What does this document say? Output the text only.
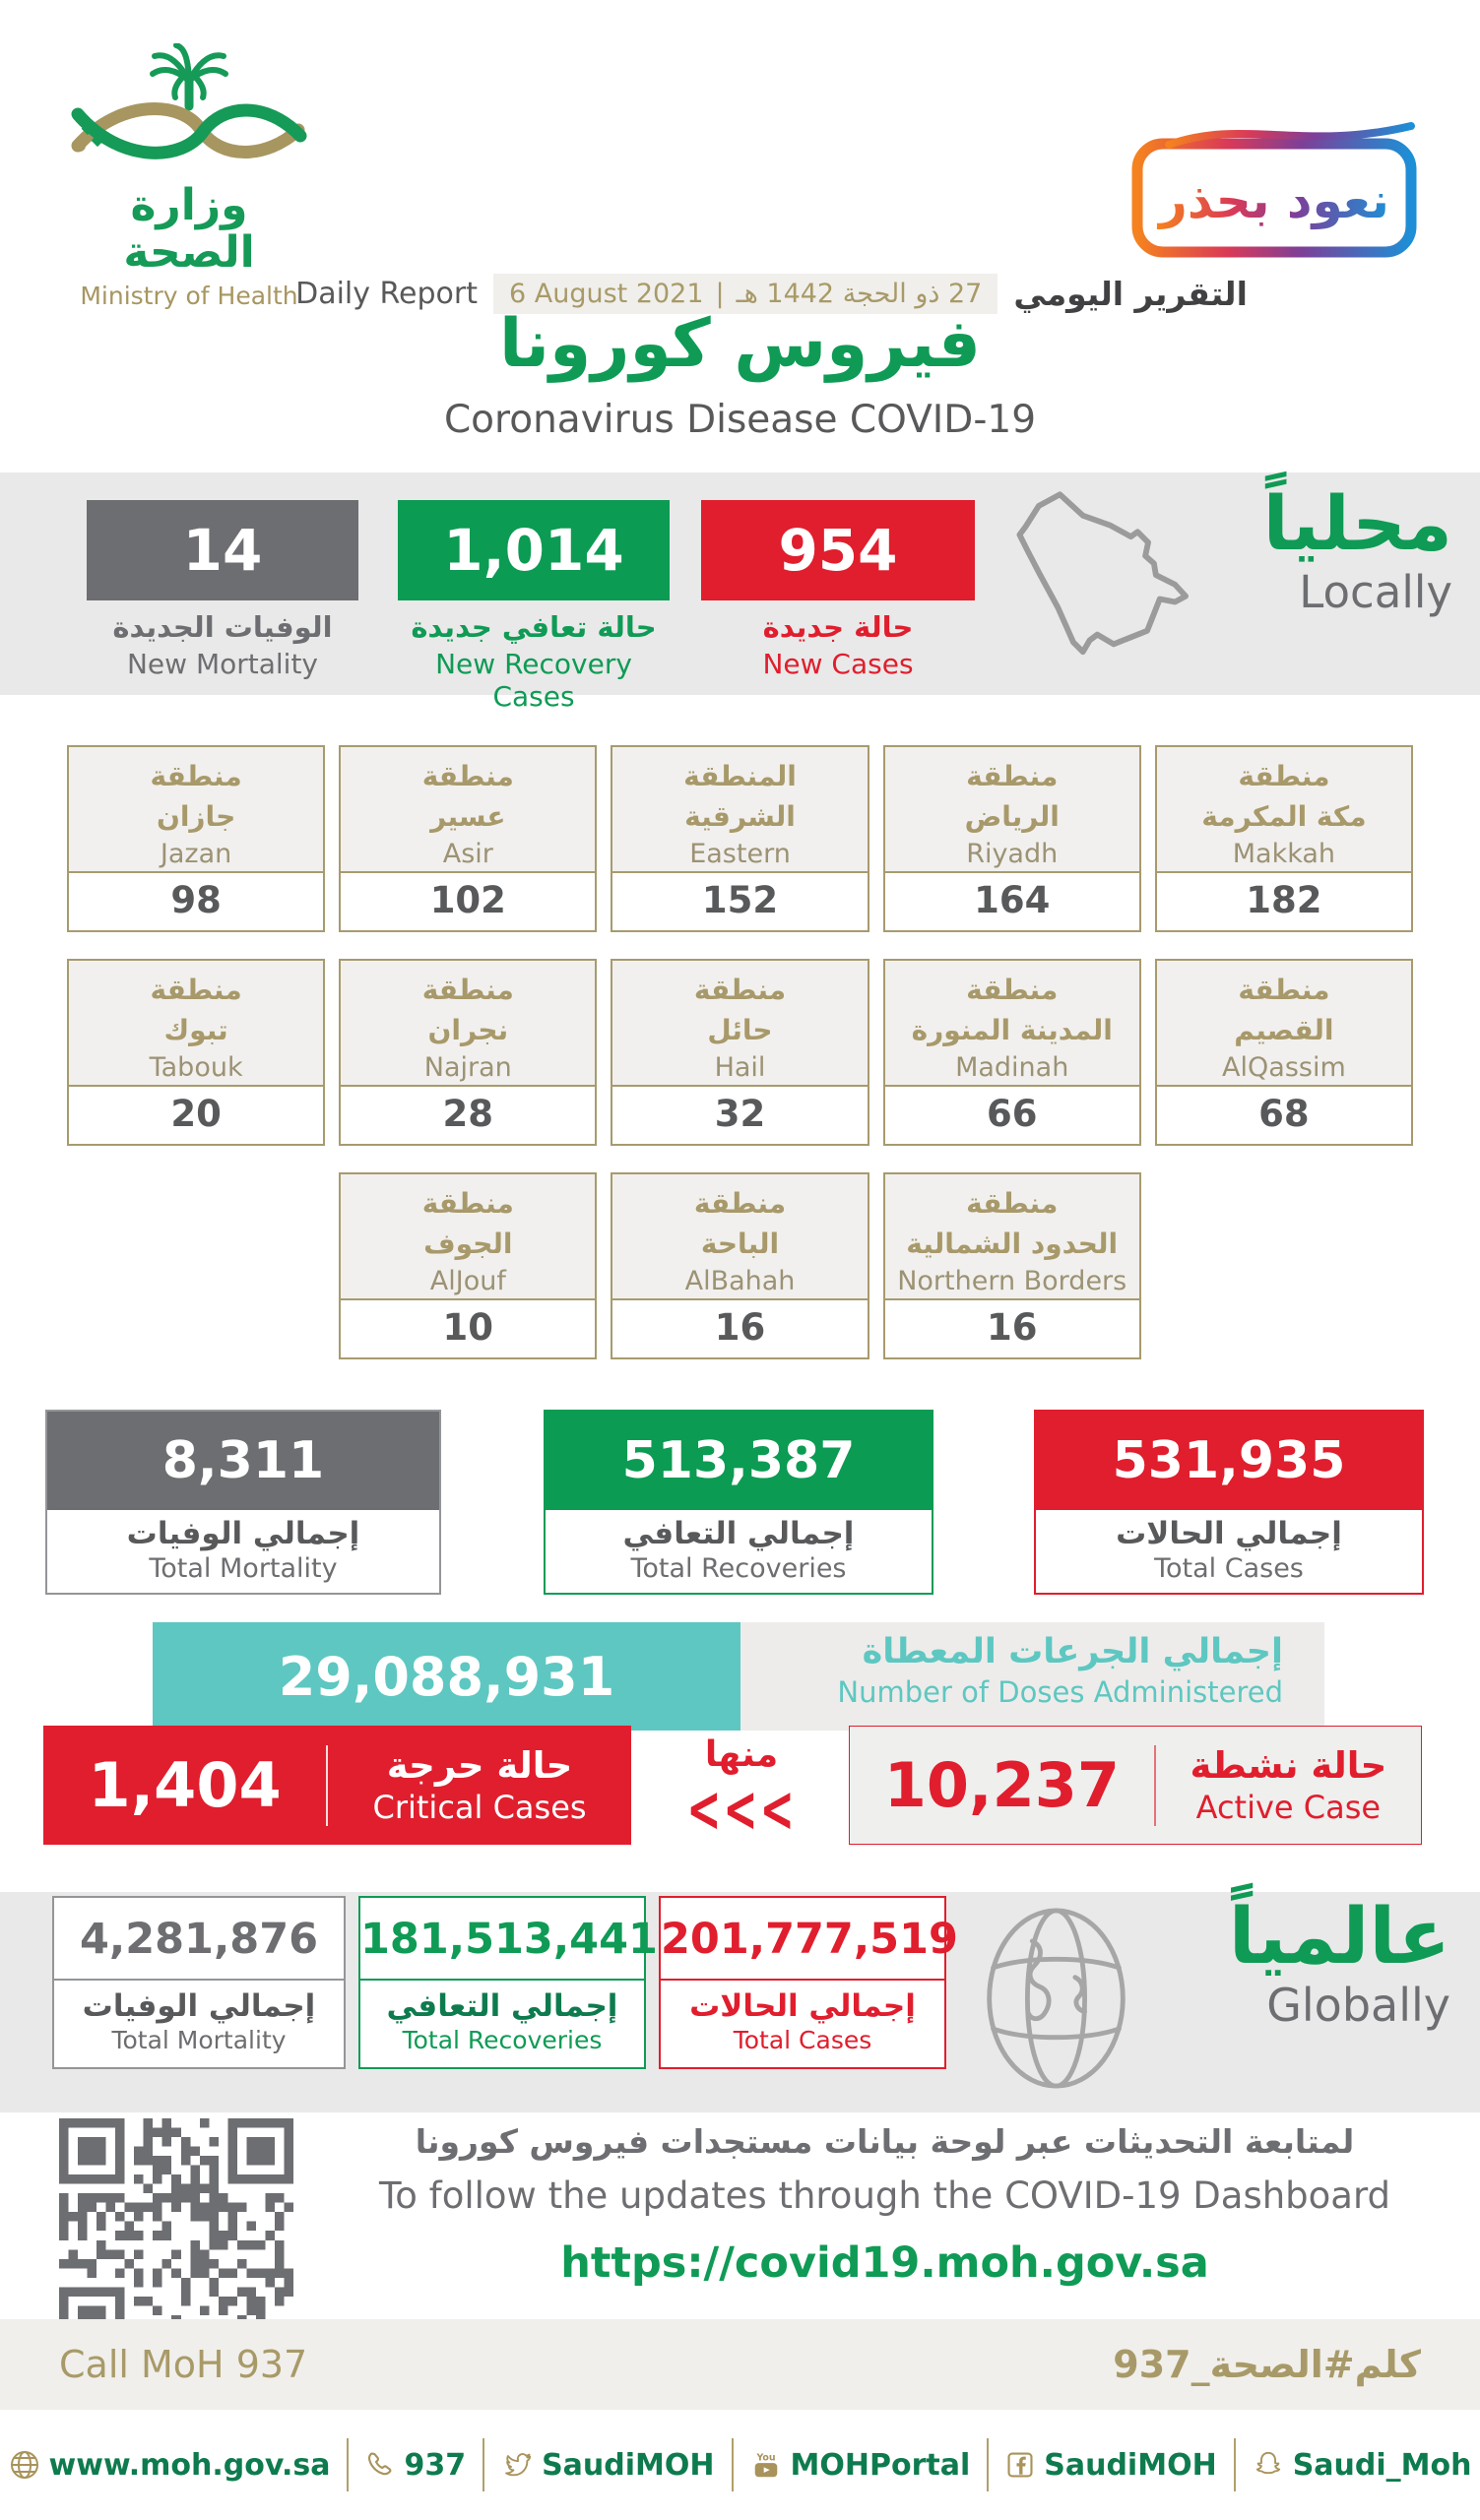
وزارة الصحة
Ministry of Health
نعود بحذر
Daily Report 6 August 2021 | 27 ذو الحجة 1442 هـ التقرير اليومي
فيروس كورونا
Coronavirus Disease COVID-19
14
الوفيات الجديدة
New Mortality
1,014
حالة تعافي جديدة
New Recovery Cases
954
حالة جديدة
New Cases
محلياً
Locally
منطقة
مكة المكرمة
Makkah
182
منطقة
الرياض
Riyadh
164
المنطقة
الشرقية
Eastern
152
منطقة
عسير
Asir
102
منطقة
جازان
Jazan
98
منطقة
القصيم
AlQassim
68
منطقة
المدينة المنورة
Madinah
66
منطقة
حائل
Hail
32
منطقة
نجران
Najran
28
منطقة
تبوك
Tabouk
20
منطقة
الحدود الشمالية
Northern Borders
16
منطقة
الباحة
AlBahah
16
منطقة
الجوف
AlJouf
10
8,311
إجمالي الوفيات
Total Mortality
513,387
إجمالي التعافي
Total Recoveries
531,935
إجمالي الحالات
Total Cases
29,088,931	إجمالي الجرعات المعطاة
Number of Doses Administered
حالة حرجة
Critical Cases
1,404	منها
<<<
حالة نشطة
Active Case
10,237
4,281,876
إجمالي الوفيات
Total Mortality
181,513,441
إجمالي التعافي
Total Recoveries
201,777,519
إجمالي الحالات
Total Cases
عالمياً
Globally
لمتابعة التحديثات عبر لوحة بيانات مستجدات فيروس كورونا
To follow the updates through the COVID-19 Dashboard
https://covid19.moh.gov.sa
Call MoH 937	كلم#الصحة_937
www.moh.gov.sa	937	SaudiMOH	You MOHPortal	SaudiMOH	Saudi_Moh
